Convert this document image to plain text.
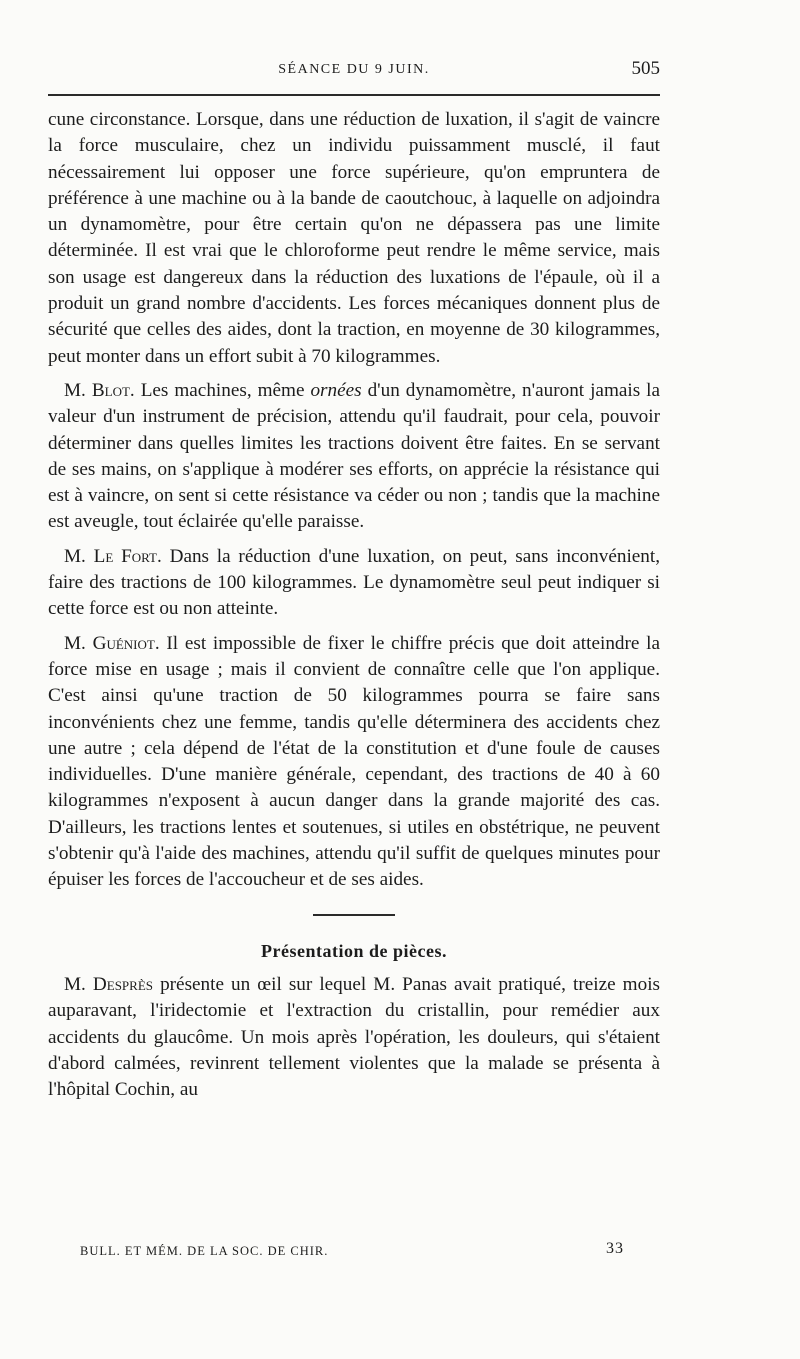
SÉANCE DU 9 JUIN.	505

cune circonstance. Lorsque, dans une réduction de luxation, il s'agit de vaincre la force musculaire, chez un individu puissamment musclé, il faut nécessairement lui opposer une force supérieure, qu'on empruntera de préférence à une machine ou à la bande de caoutchouc, à laquelle on adjoindra un dynamomètre, pour être certain qu'on ne dépassera pas une limite déterminée. Il est vrai que le chloroforme peut rendre le même service, mais son usage est dangereux dans la réduction des luxations de l'épaule, où il a produit un grand nombre d'accidents. Les forces mécaniques donnent plus de sécurité que celles des aides, dont la traction, en moyenne de 30 kilogrammes, peut monter dans un effort subit à 70 kilogrammes.

M. Blot. Les machines, même ornées d'un dynamomètre, n'auront jamais la valeur d'un instrument de précision, attendu qu'il faudrait, pour cela, pouvoir déterminer dans quelles limites les tractions doivent être faites. En se servant de ses mains, on s'applique à modérer ses efforts, on apprécie la résistance qui est à vaincre, on sent si cette résistance va céder ou non ; tandis que la machine est aveugle, tout éclairée qu'elle paraisse.

M. Le Fort. Dans la réduction d'une luxation, on peut, sans inconvénient, faire des tractions de 100 kilogrammes. Le dynamomètre seul peut indiquer si cette force est ou non atteinte.

M. Guéniot. Il est impossible de fixer le chiffre précis que doit atteindre la force mise en usage ; mais il convient de connaître celle que l'on applique. C'est ainsi qu'une traction de 50 kilogrammes pourra se faire sans inconvénients chez une femme, tandis qu'elle déterminera des accidents chez une autre ; cela dépend de l'état de la constitution et d'une foule de causes individuelles. D'une manière générale, cependant, des tractions de 40 à 60 kilogrammes n'exposent à aucun danger dans la grande majorité des cas. D'ailleurs, les tractions lentes et soutenues, si utiles en obstétrique, ne peuvent s'obtenir qu'à l'aide des machines, attendu qu'il suffit de quelques minutes pour épuiser les forces de l'accoucheur et de ses aides.

Présentation de pièces.

M. Desprès présente un œil sur lequel M. Panas avait pratiqué, treize mois auparavant, l'iridectomie et l'extraction du cristallin, pour remédier aux accidents du glaucôme. Un mois après l'opération, les douleurs, qui s'étaient d'abord calmées, revinrent tellement violentes que la malade se présenta à l'hôpital Cochin, au

BULL. ET MÉM. DE LA SOC. DE CHIR.	33
